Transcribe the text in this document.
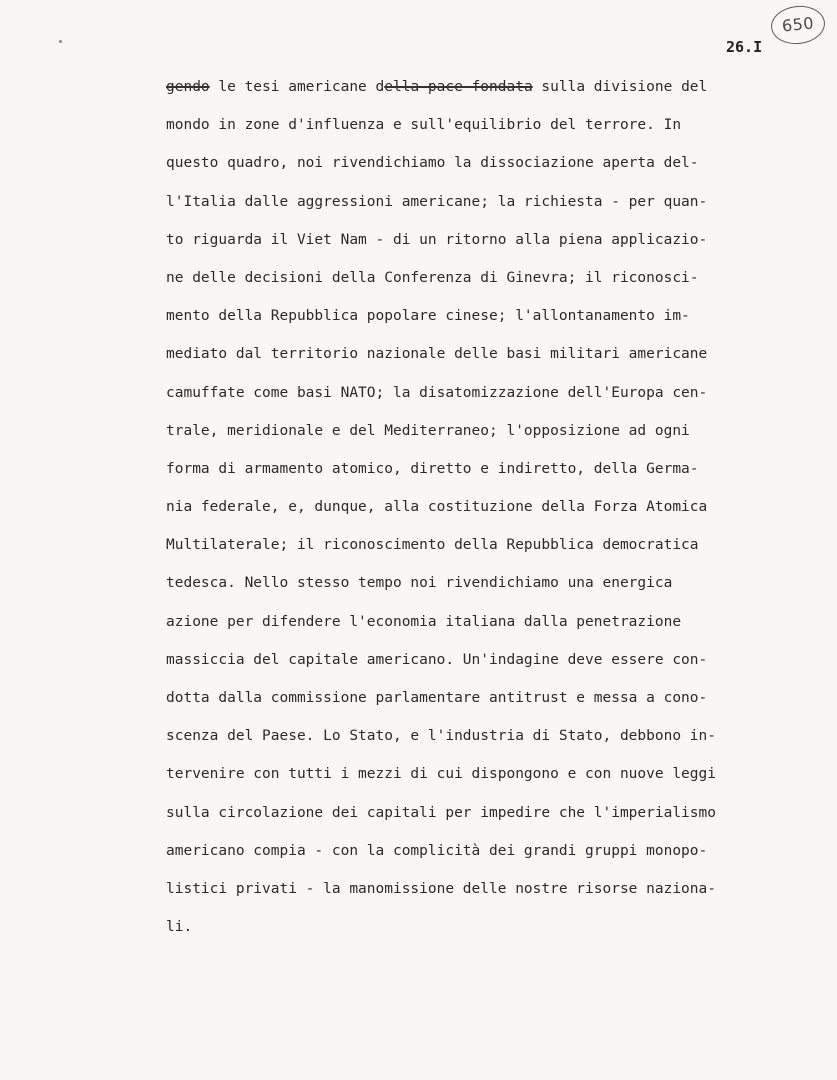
650
26.I
gendo le tesi americane della pace fondata sulla divisione del
mondo in zone d'influenza e sull'equilibrio del terrore. In
questo quadro, noi rivendichiamo la dissociazione aperta del-
l'Italia dalle aggressioni americane; la richiesta - per quan-
to riguarda il Viet Nam - di un ritorno alla piena applicazio-
ne delle decisioni della Conferenza di Ginevra; il riconosci-
mento della Repubblica popolare cinese; l'allontanamento im-
mediato dal territorio nazionale delle basi militari americane
camuffate come basi NATO; la disatomizzazione dell'Europa cen-
trale, meridionale e del Mediterraneo; l'opposizione ad ogni
forma di armamento atomico, diretto e indiretto, della Germa-
nia federale, e, dunque, alla costituzione della Forza Atomica
Multilaterale; il riconoscimento della Repubblica democratica
tedesca. Nello stesso tempo noi rivendichiamo una energica
azione per difendere l'economia italiana dalla penetrazione
massiccia del capitale americano. Un'indagine deve essere con-
dotta dalla commissione parlamentare antitrust e messa a cono-
scenza del Paese. Lo Stato, e l'industria di Stato, debbono in-
tervenire con tutti i mezzi di cui dispongono e con nuove leggi
sulla circolazione dei capitali per impedire che l'imperialismo
americano compia - con la complicità dei grandi gruppi monopo-
listici privati - la manomissione delle nostre risorse naziona-
li.
